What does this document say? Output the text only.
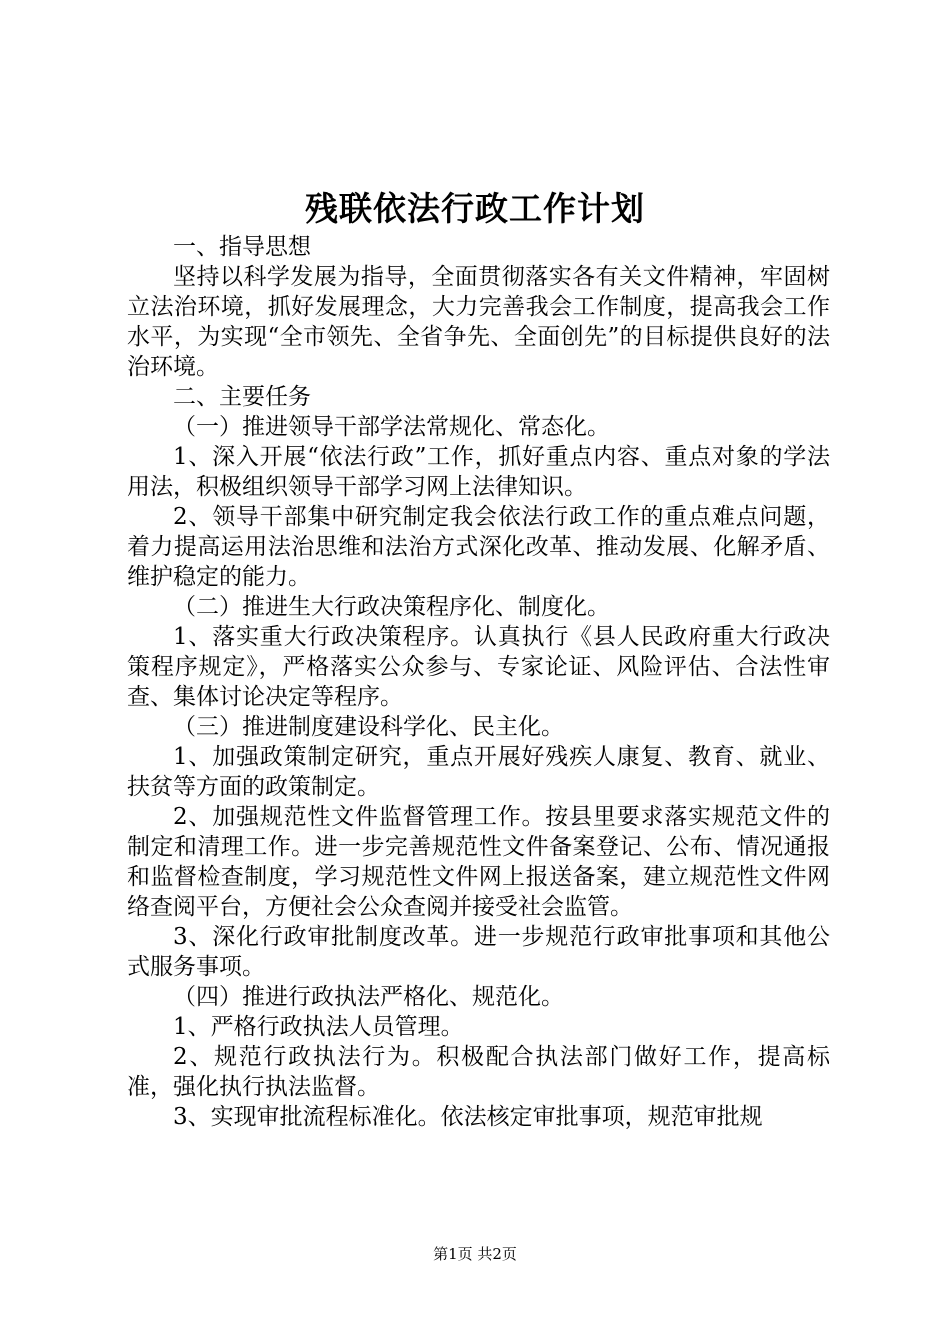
残联依法行政工作计划

一、指导思想

坚持以科学发展为指导，全面贯彻落实各有关文件精神，牢固树立法治环境，抓好发展理念，大力完善我会工作制度，提高我会工作水平，为实现“全市领先、全省争先、全面创先”的目标提供良好的法治环境。

二、主要任务

（一）推进领导干部学法常规化、常态化。

1、深入开展“依法行政”工作，抓好重点内容、重点对象的学法用法，积极组织领导干部学习网上法律知识。

2、领导干部集中研究制定我会依法行政工作的重点难点问题，着力提高运用法治思维和法治方式深化改革、推动发展、化解矛盾、维护稳定的能力。

（二）推进生大行政决策程序化、制度化。

1、落实重大行政决策程序。认真执行《县人民政府重大行政决策程序规定》，严格落实公众参与、专家论证、风险评估、合法性审查、集体讨论决定等程序。

（三）推进制度建设科学化、民主化。

1、加强政策制定研究，重点开展好残疾人康复、教育、就业、扶贫等方面的政策制定。

2、加强规范性文件监督管理工作。按县里要求落实规范文件的制定和清理工作。进一步完善规范性文件备案登记、公布、情况通报和监督检查制度，学习规范性文件网上报送备案，建立规范性文件网络查阅平台，方便社会公众查阅并接受社会监管。

3、深化行政审批制度改革。进一步规范行政审批事项和其他公式服务事项。

（四）推进行政执法严格化、规范化。

1、严格行政执法人员管理。

2、规范行政执法行为。积极配合执法部门做好工作，提高标准，强化执行执法监督。

3、实现审批流程标准化。依法核定审批事项，规范审批规

第1页 共2页
